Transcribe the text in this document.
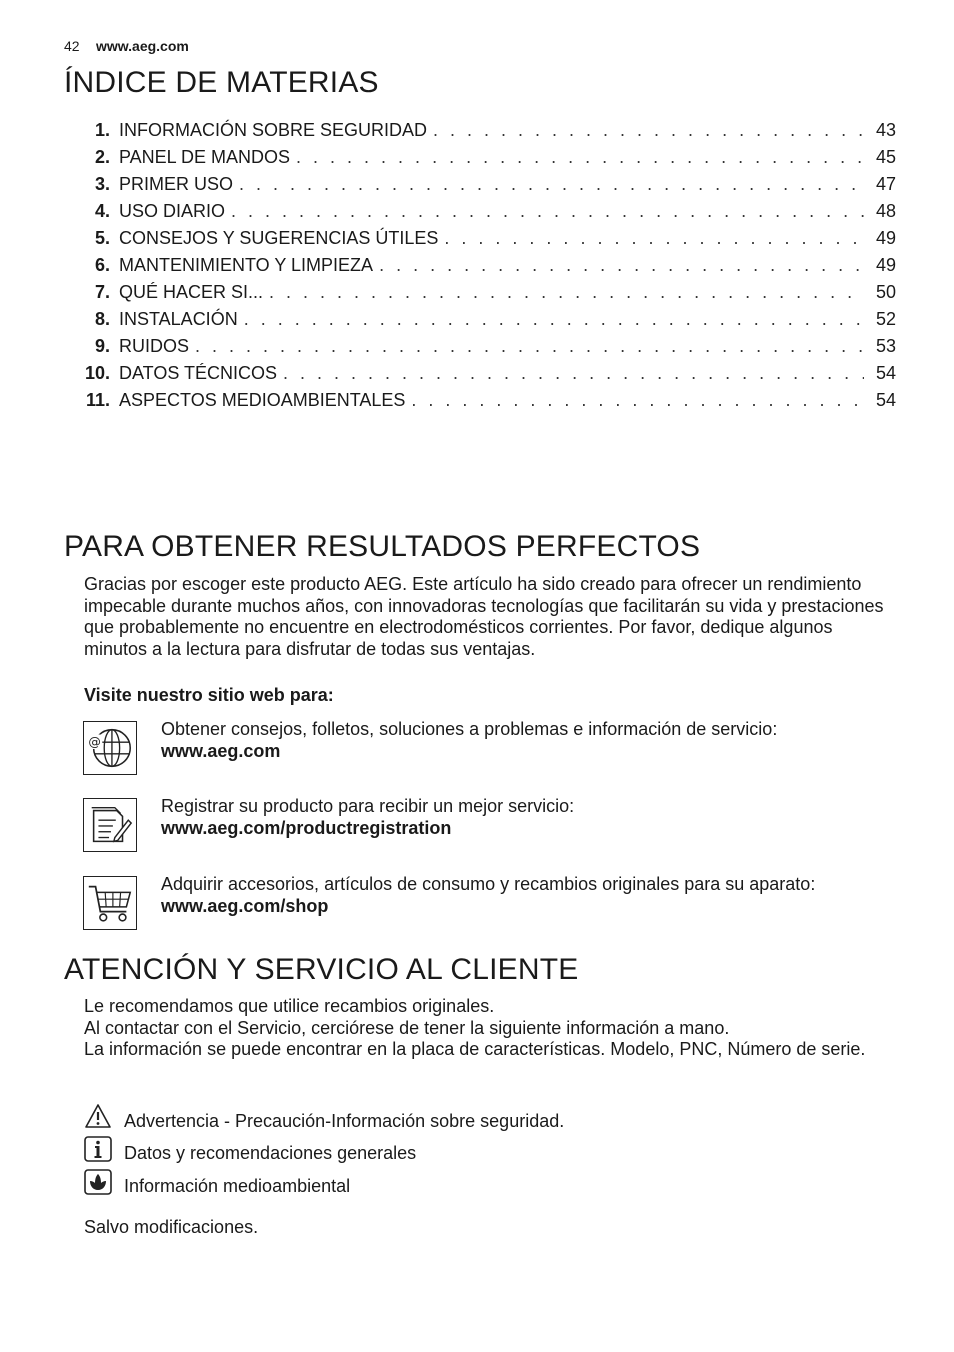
42 www.aeg.com
ÍNDICE DE MATERIAS
1. INFORMACIÓN SOBRE SEGURIDAD . . .	43
2. PANEL DE MANDOS . . .	45
3. PRIMER USO . . .	47
4. USO DIARIO . . .	48
5. CONSEJOS Y SUGERENCIAS ÚTILES . . .	49
6. MANTENIMIENTO Y LIMPIEZA . . .	49
7. QUÉ HACER SI... . . .	50
8. INSTALACIÓN . . .	52
9. RUIDOS . . .	53
10. DATOS TÉCNICOS . . .	54
11. ASPECTOS MEDIOAMBIENTALES . . .	54
PARA OBTENER RESULTADOS PERFECTOS
Gracias por escoger este producto AEG. Este artículo ha sido creado para ofrecer un rendimiento impecable durante muchos años, con innovadoras tecnologías que facilitarán su vida y prestaciones que probablemente no encuentre en electrodomésticos corrientes. Por favor, dedique algunos minutos a la lectura para disfrutar de todas sus ventajas.
Visite nuestro sitio web para:
@
Obtener consejos, folletos, soluciones a problemas e información de servicio:
www.aeg.com
Registrar su producto para recibir un mejor servicio:
www.aeg.com/productregistration
Adquirir accesorios, artículos de consumo y recambios originales para su aparato:
www.aeg.com/shop
ATENCIÓN Y SERVICIO AL CLIENTE
Le recomendamos que utilice recambios originales.
Al contactar con el Servicio, cerciórese de tener la siguiente información a mano.
La información se puede encontrar en la placa de características. Modelo, PNC, Número de serie.
Advertencia - Precaución-Información sobre seguridad.
Datos y recomendaciones generales
Información medioambiental
Salvo modificaciones.
